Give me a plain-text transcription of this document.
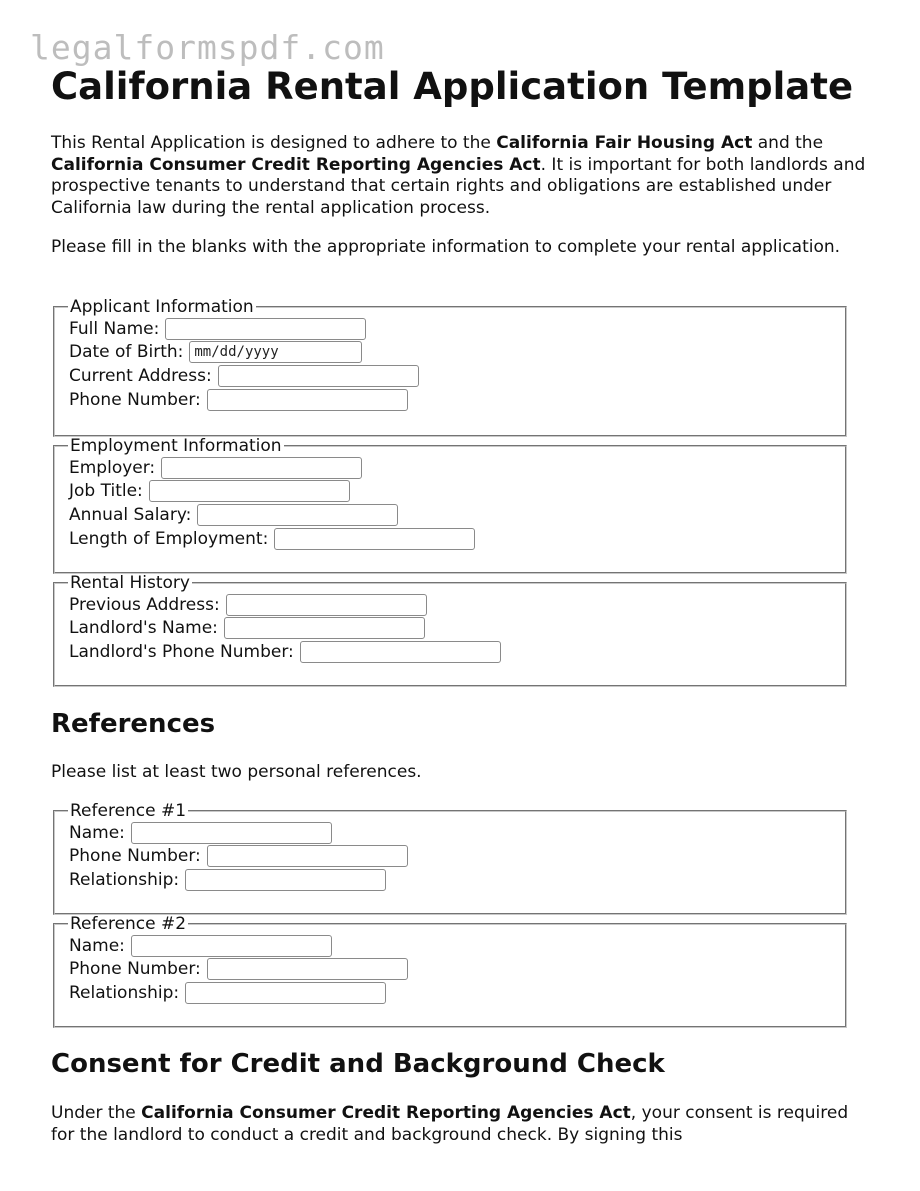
legalformspdf.com
California Rental Application Template

This Rental Application is designed to adhere to the California Fair Housing Act and the California Consumer Credit Reporting Agencies Act. It is important for both landlords and prospective tenants to understand that certain rights and obligations are established under California law during the rental application process.

Please fill in the blanks with the appropriate information to complete your rental application.

Applicant Information
Full Name:
Date of Birth:
mm/dd/yyyy
Current Address:
Phone Number:
Employment Information
Employer:
Job Title:
Annual Salary:
Length of Employment:
Rental History
Previous Address:
Landlord's Name:
Landlord's Phone Number:
References

Please list at least two personal references.

Reference #1
Name:
Phone Number:
Relationship:
Reference #2
Name:
Phone Number:
Relationship:
Consent for Credit and Background Check

Under the California Consumer Credit Reporting Agencies Act, your consent is required for the landlord to conduct a credit and background check. By signing this
